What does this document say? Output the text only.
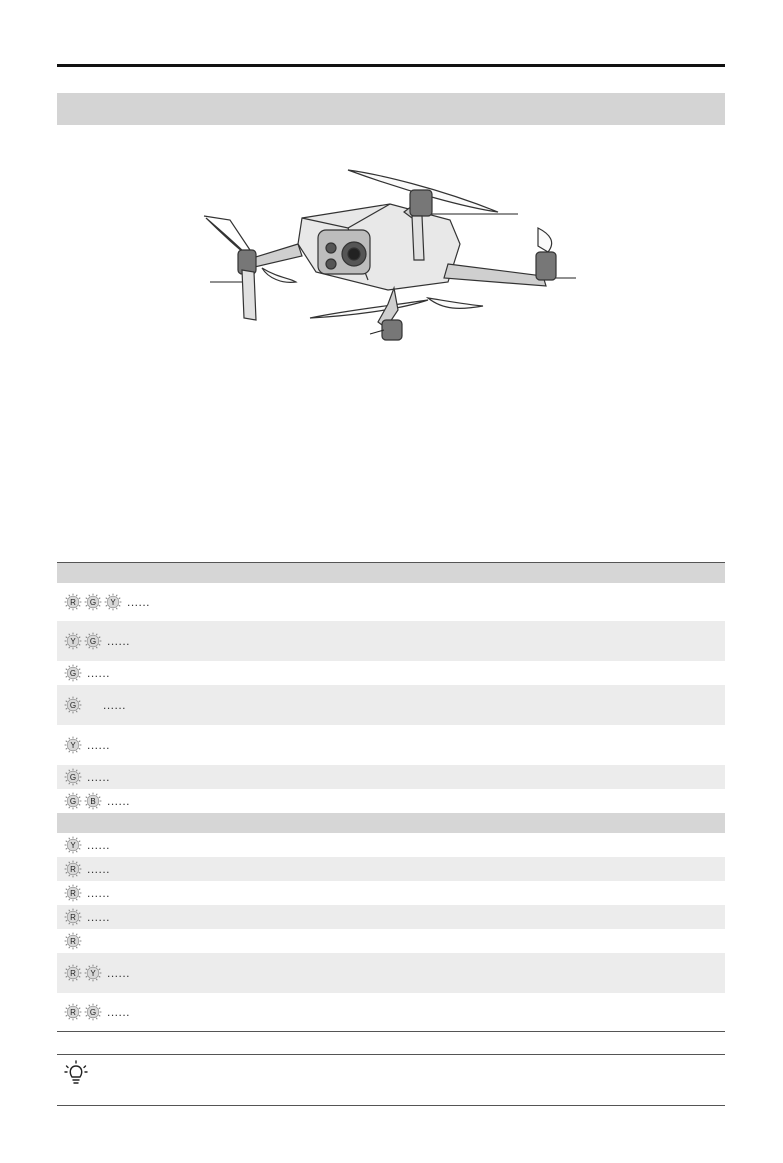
R G Y ......

Y G ......

G ......

G ......

Y ......

G ......

G B ......

Y ......

R ......

R ......

R ......

R

R Y ......

R G ......
